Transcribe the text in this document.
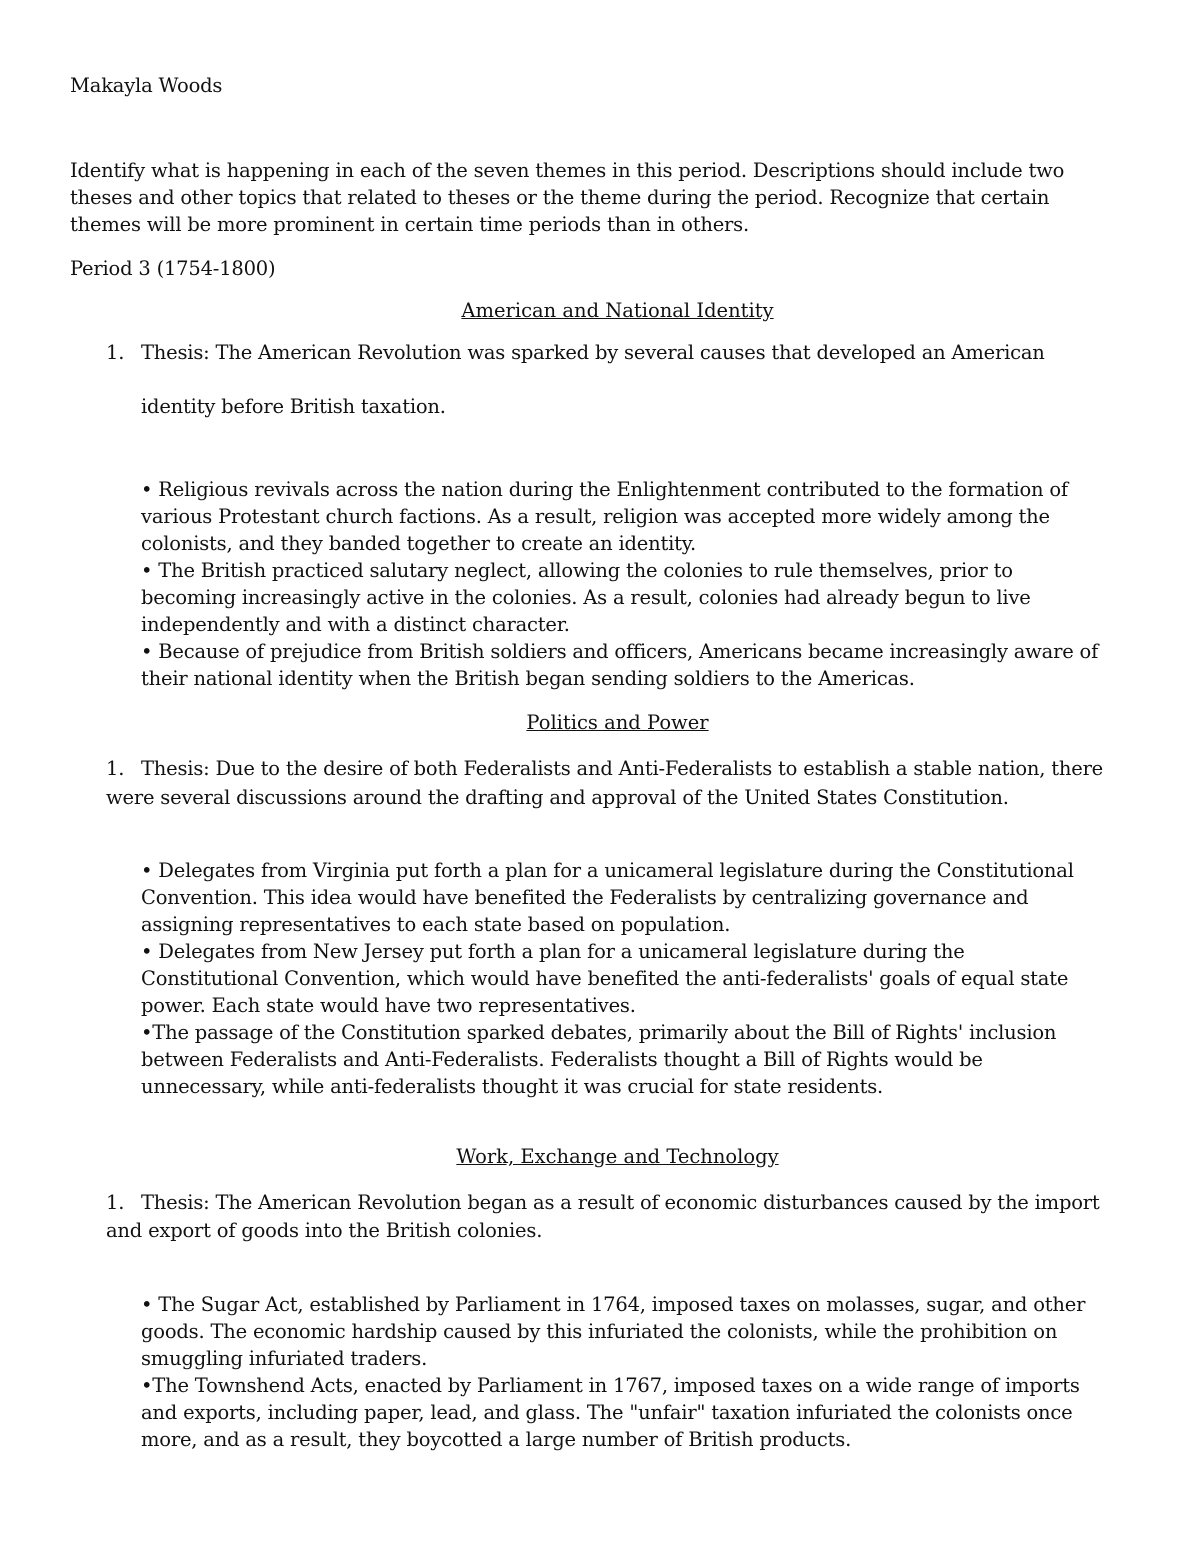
Makayla Woods
Identify what is happening in each of the seven themes in this period. Descriptions should include two
theses and other topics that related to theses or the theme during the period. Recognize that certain
themes will be more prominent in certain time periods than in others.
Period 3 (1754-1800)
American and National Identity
1. Thesis: The American Revolution was sparked by several causes that developed an American
identity before British taxation.
• Religious revivals across the nation during the Enlightenment contributed to the formation of
various Protestant church factions. As a result, religion was accepted more widely among the
colonists, and they banded together to create an identity.
• The British practiced salutary neglect, allowing the colonies to rule themselves, prior to
becoming increasingly active in the colonies. As a result, colonies had already begun to live
independently and with a distinct character.
• Because of prejudice from British soldiers and officers, Americans became increasingly aware of
their national identity when the British began sending soldiers to the Americas.
Politics and Power
1. Thesis: Due to the desire of both Federalists and Anti-Federalists to establish a stable nation, there
were several discussions around the drafting and approval of the United States Constitution.
• Delegates from Virginia put forth a plan for a unicameral legislature during the Constitutional
Convention. This idea would have benefited the Federalists by centralizing governance and
assigning representatives to each state based on population.
• Delegates from New Jersey put forth a plan for a unicameral legislature during the
Constitutional Convention, which would have benefited the anti-federalists' goals of equal state
power. Each state would have two representatives.
•The passage of the Constitution sparked debates, primarily about the Bill of Rights' inclusion
between Federalists and Anti-Federalists. Federalists thought a Bill of Rights would be
unnecessary, while anti-federalists thought it was crucial for state residents.
Work, Exchange and Technology
1. Thesis: The American Revolution began as a result of economic disturbances caused by the import
and export of goods into the British colonies.
• The Sugar Act, established by Parliament in 1764, imposed taxes on molasses, sugar, and other
goods. The economic hardship caused by this infuriated the colonists, while the prohibition on
smuggling infuriated traders.
•The Townshend Acts, enacted by Parliament in 1767, imposed taxes on a wide range of imports
and exports, including paper, lead, and glass. The "unfair" taxation infuriated the colonists once
more, and as a result, they boycotted a large number of British products.
